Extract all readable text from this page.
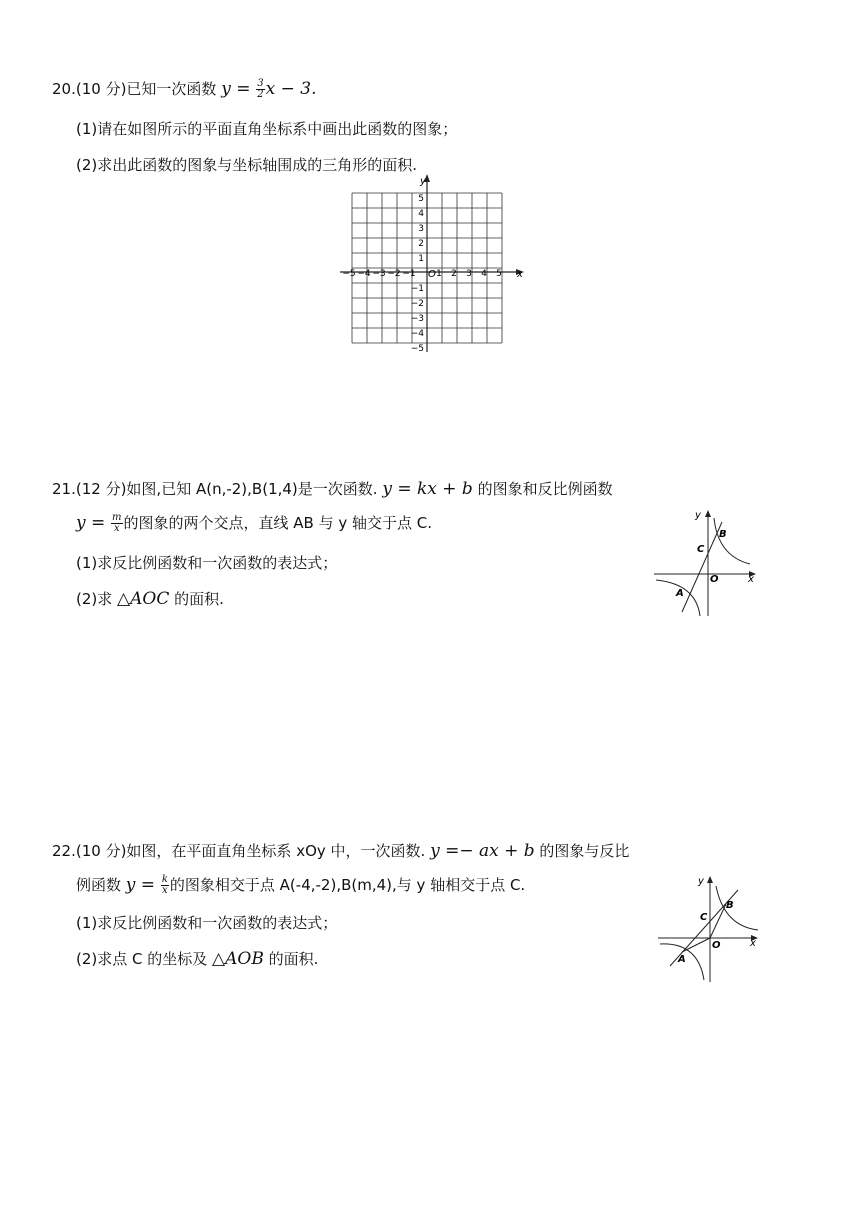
20.(10 分)已知一次函数 $y = \frac{3}{2}$ x − 3.
(1)请在如图所示的平面直角坐标系中画出此函数的图象；
(2)求出此函数的图象与坐标轴围成的三角形的面积.
−5 −4 −3 −2 −1 1 2 3 4 5
5
4
3
2
1
−1
−2
−3
−4
−5
y
x
O
21.(12 分)如图,已知 A(n,-2),B(1,4)是一次函数. y = kx + b 的图象和反比例函数
$y = \frac{m}{x}$ 的图象的两个交点，直线 AB 与 y 轴交于点 C.
(1)求反比例函数和一次函数的表达式；
(2)求 △AOC 的面积.
y
x
O
A
B
C
22.(10 分)如图，在平面直角坐标系 xOy 中，一次函数. y =− ax + b 的图象与反比
例函数 $y = \frac{k}{x}$ 的图象相交于点 A(-4,-2),B(m,4),与 y 轴相交于点 C.
(1)求反比例函数和一次函数的表达式；
(2)求点 C 的坐标及 △AOB 的面积.
y
x
O
A
B
C
